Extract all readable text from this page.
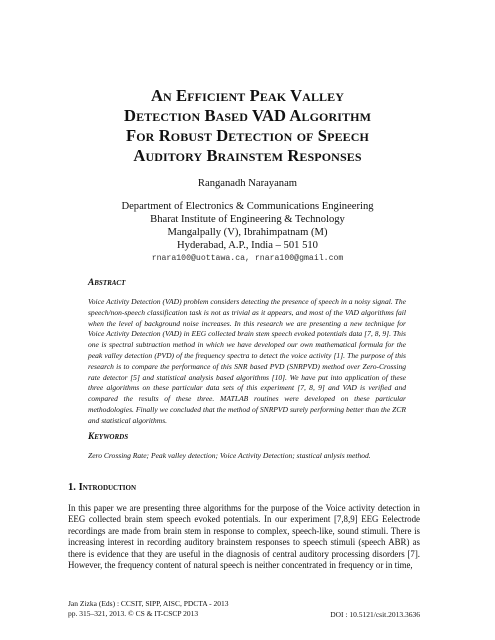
An Efficient Peak Valley
Detection Based VAD Algorithm
For Robust Detection of Speech
Auditory Brainstem Responses
Ranganadh Narayanam
Department of Electronics & Communications Engineering
Bharat Institute of Engineering & Technology
Mangalpally (V), Ibrahimpatnam (M)
Hyderabad, A.P., India – 501 510
rnara100@uottawa.ca, rnara100@gmail.com
Abstract
Voice Activity Detection (VAD) problem considers detecting the presence of speech in a noisy signal. The speech/non-speech classification task is not as trivial as it appears, and most of the VAD algorithms fail when the level of background noise increases. In this research we are presenting a new technique for Voice Activity Detection (VAD) in EEG collected brain stem speech evoked potentials data [7, 8, 9]. This one is spectral subtraction method in which we have developed our own mathematical formula for the peak valley detection (PVD) of the frequency spectra to detect the voice activity [1]. The purpose of this research is to compare the performance of this SNR based PVD (SNRPVD) method over Zero-Crossing rate detector [5] and statistical analysis based algorithms [10]. We have put into application of these three algorithms on these particular data sets of this experiment [7, 8, 9] and VAD is verified and compared the results of these three. MATLAB routines were developed on these particular methodologies. Finally we concluded that the method of SNRPVD surely performing better than the ZCR and statistical algorithms.
Keywords
Zero Crossing Rate; Peak valley detection; Voice Activity Detection; stastical anlysis method.
1. Introduction
In this paper we are presenting three algorithms for the purpose of the Voice activity detection in EEG collected brain stem speech evoked potentials. In our experiment [7,8,9] EEG Eelectrode recordings are made from brain stem in response to complex, speech-like, sound stimuli. There is increasing interest in recording auditory brainstem responses to speech stimuli (speech ABR) as there is evidence that they are useful in the diagnosis of central auditory processing disorders [7]. However, the frequency content of natural speech is neither concentrated in frequency or in time,
Jan Zizka (Eds) : CCSIT, SIPP, AISC, PDCTA - 2013
pp. 315–321, 2013. © CS & IT-CSCP 2013	DOI : 10.5121/csit.2013.3636
